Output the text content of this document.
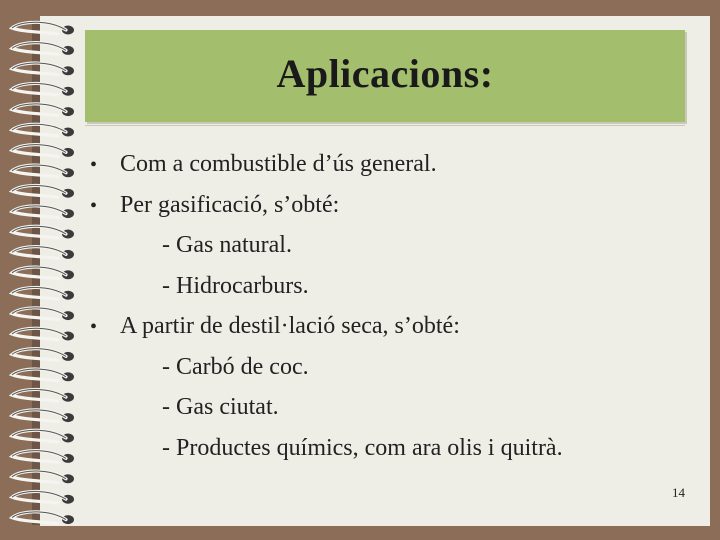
Aplicacions:
• Com a combustible d’ús general.
• Per gasificació, s’obté:
- Gas natural.
- Hidrocarburs.
• A partir de destil·lació seca, s’obté:
- Carbó de coc.
- Gas ciutat.
- Productes químics, com ara olis i quitrà.
14
